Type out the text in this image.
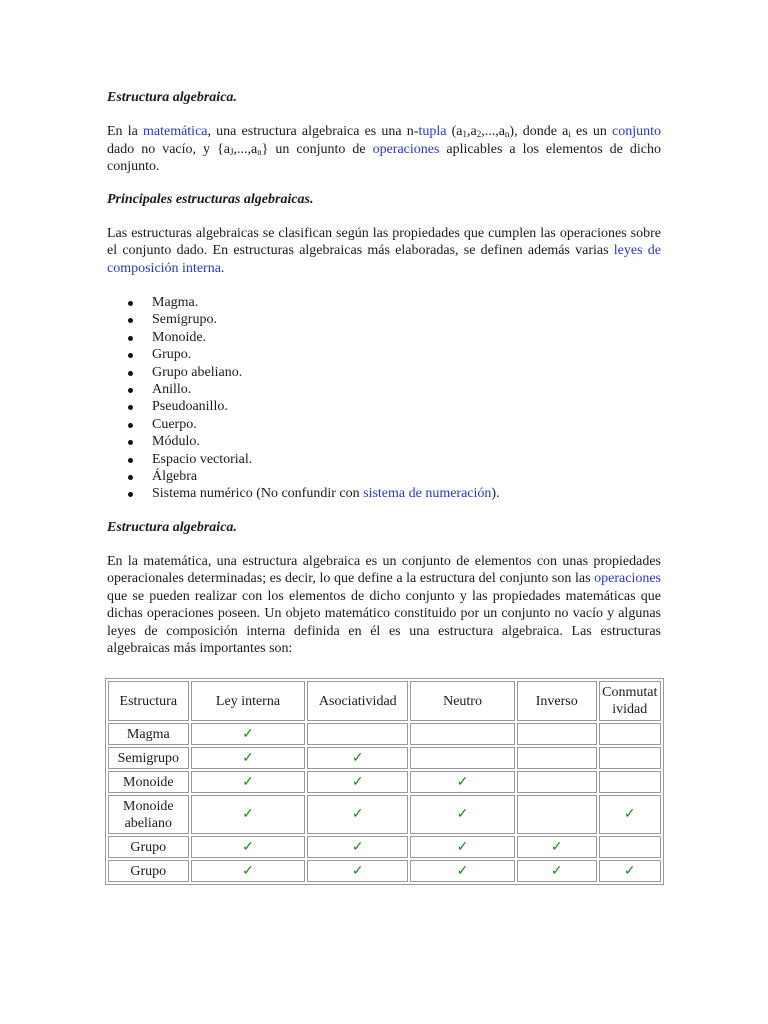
Estructura algebraica.

En la matemática, una estructura algebraica es una n-tupla $(a_1,a_2,...,a_n)$, donde $a_i$ es un conjunto dado no vacío, y $\{a_J,...,a_n\}$ un conjunto de operaciones aplicables a los elementos de dicho conjunto.

Principales estructuras algebraicas.

Las estructuras algebraicas se clasifican según las propiedades que cumplen las operaciones sobre el conjunto dado. En estructuras algebraicas más elaboradas, se definen además varias leyes de composición interna.

Magma.
Semigrupo.
Monoide.
Grupo.
Grupo abeliano.
Anillo.
Pseudoanillo.
Cuerpo.
Módulo.
Espacio vectorial.
Álgebra
Sistema numérico (No confundir con sistema de numeración).
Estructura algebraica.

En la matemática, una estructura algebraica es un conjunto de elementos con unas propiedades operacionales determinadas; es decir, lo que define a la estructura del conjunto son las operaciones que se pueden realizar con los elementos de dicho conjunto y las propiedades matemáticas que dichas operaciones poseen. Un objeto matemático constituido por un conjunto no vacío y algunas leyes de composición interna definida en él es una estructura algebraica. Las estructuras algebraicas más importantes son:

Estructura	Ley interna	Asociatividad	Neutro	Inverso	Conmutat ividad
Magma	✓				
Semigrupo	✓	✓			
Monoide	✓	✓	✓		
Monoide abeliano	✓	✓	✓		✓
Grupo	✓	✓	✓	✓	
Grupo	✓	✓	✓	✓	✓
